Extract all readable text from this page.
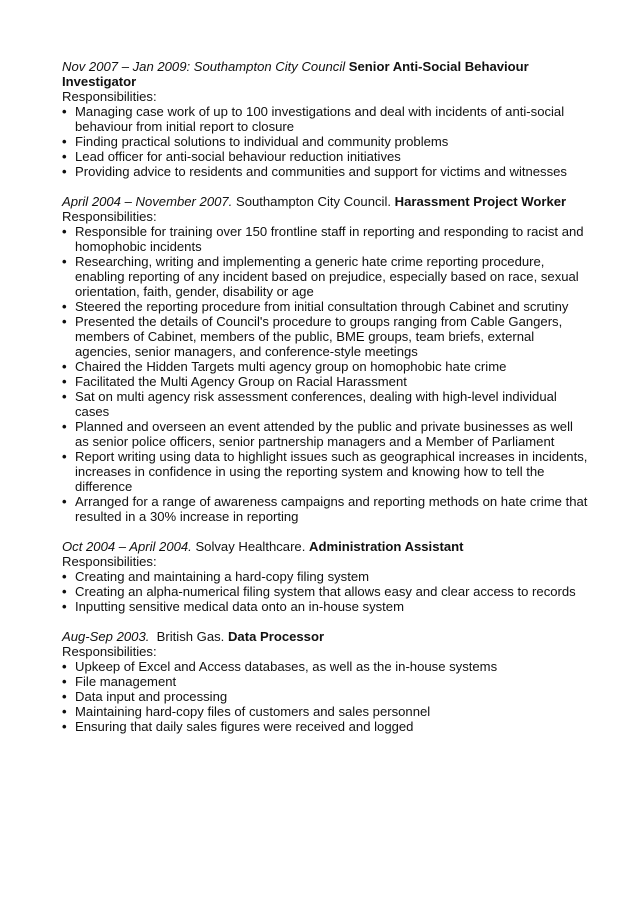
Nov 2007 – Jan 2009: Southampton City Council Senior Anti-Social Behaviour Investigator

Responsibilities:

• Managing case work of up to 100 investigations and deal with incidents of anti-social behaviour from initial report to closure
• Finding practical solutions to individual and community problems
• Lead officer for anti-social behaviour reduction initiatives
• Providing advice to residents and communities and support for victims and witnesses

April 2004 – November 2007. Southampton City Council. Harassment Project Worker

Responsibilities:

• Responsible for training over 150 frontline staff in reporting and responding to racist and homophobic incidents
• Researching, writing and implementing a generic hate crime reporting procedure, enabling reporting of any incident based on prejudice, especially based on race, sexual orientation, faith, gender, disability or age
• Steered the reporting procedure from initial consultation through Cabinet and scrutiny
• Presented the details of Council's procedure to groups ranging from Cable Gangers, members of Cabinet, members of the public, BME groups, team briefs, external agencies, senior managers, and conference-style meetings
• Chaired the Hidden Targets multi agency group on homophobic hate crime
• Facilitated the Multi Agency Group on Racial Harassment
• Sat on multi agency risk assessment conferences, dealing with high-level individual cases
• Planned and overseen an event attended by the public and private businesses as well as senior police officers, senior partnership managers and a Member of Parliament
• Report writing using data to highlight issues such as geographical increases in incidents, increases in confidence in using the reporting system and knowing how to tell the difference
• Arranged for a range of awareness campaigns and reporting methods on hate crime that resulted in a 30% increase in reporting

Oct 2004 – April 2004. Solvay Healthcare. Administration Assistant

Responsibilities:

• Creating and maintaining a hard-copy filing system
• Creating an alpha-numerical filing system that allows easy and clear access to records
• Inputting sensitive medical data onto an in-house system

Aug-Sep 2003. British Gas. Data Processor

Responsibilities:

• Upkeep of Excel and Access databases, as well as the in-house systems
• File management
• Data input and processing
• Maintaining hard-copy files of customers and sales personnel
• Ensuring that daily sales figures were received and logged
